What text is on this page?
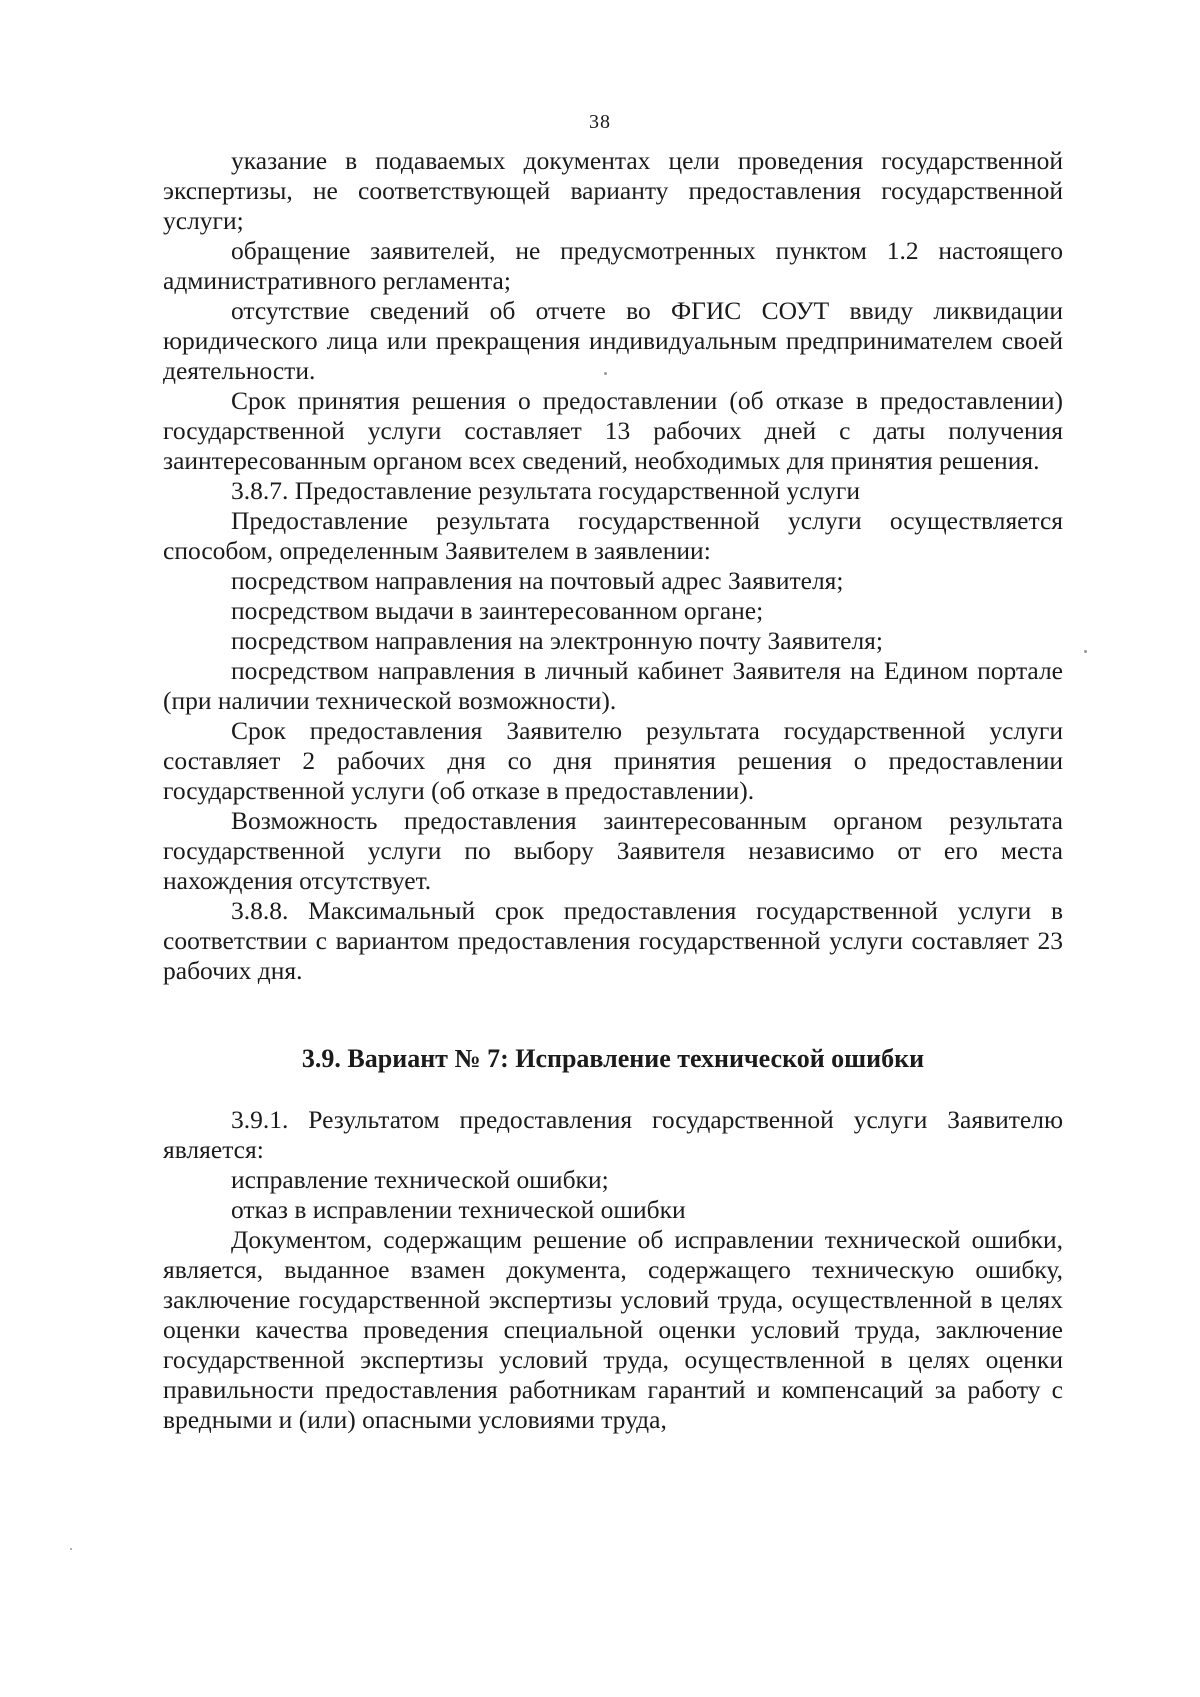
38

указание в подаваемых документах цели проведения государственной экспертизы, не соответствующей варианту предоставления государственной услуги;

обращение заявителей, не предусмотренных пунктом 1.2 настоящего административного регламента;

отсутствие сведений об отчете во ФГИС СОУТ ввиду ликвидации юридического лица или прекращения индивидуальным предпринимателем своей деятельности.

Срок принятия решения о предоставлении (об отказе в предоставлении) государственной услуги составляет 13 рабочих дней с даты получения заинтересованным органом всех сведений, необходимых для принятия решения.

3.8.7. Предоставление результата государственной услуги

Предоставление результата государственной услуги осуществляется способом, определенным Заявителем в заявлении:

посредством направления на почтовый адрес Заявителя;

посредством выдачи в заинтересованном органе;

посредством направления на электронную почту Заявителя;

посредством направления в личный кабинет Заявителя на Едином портале (при наличии технической возможности).

Срок предоставления Заявителю результата государственной услуги составляет 2 рабочих дня со дня принятия решения о предоставлении государственной услуги (об отказе в предоставлении).

Возможность предоставления заинтересованным органом результата государственной услуги по выбору Заявителя независимо от его места нахождения отсутствует.

3.8.8. Максимальный срок предоставления государственной услуги в соответствии с вариантом предоставления государственной услуги составляет 23 рабочих дня.

3.9. Вариант № 7: Исправление технической ошибки

3.9.1. Результатом предоставления государственной услуги Заявителю является:

исправление технической ошибки;

отказ в исправлении технической ошибки

Документом, содержащим решение об исправлении технической ошибки, является, выданное взамен документа, содержащего техническую ошибку, заключение государственной экспертизы условий труда, осуществленной в целях оценки качества проведения специальной оценки условий труда, заключение государственной экспертизы условий труда, осуществленной в целях оценки правильности предоставления работникам гарантий и компенсаций за работу с вредными и (или) опасными условиями труда,
